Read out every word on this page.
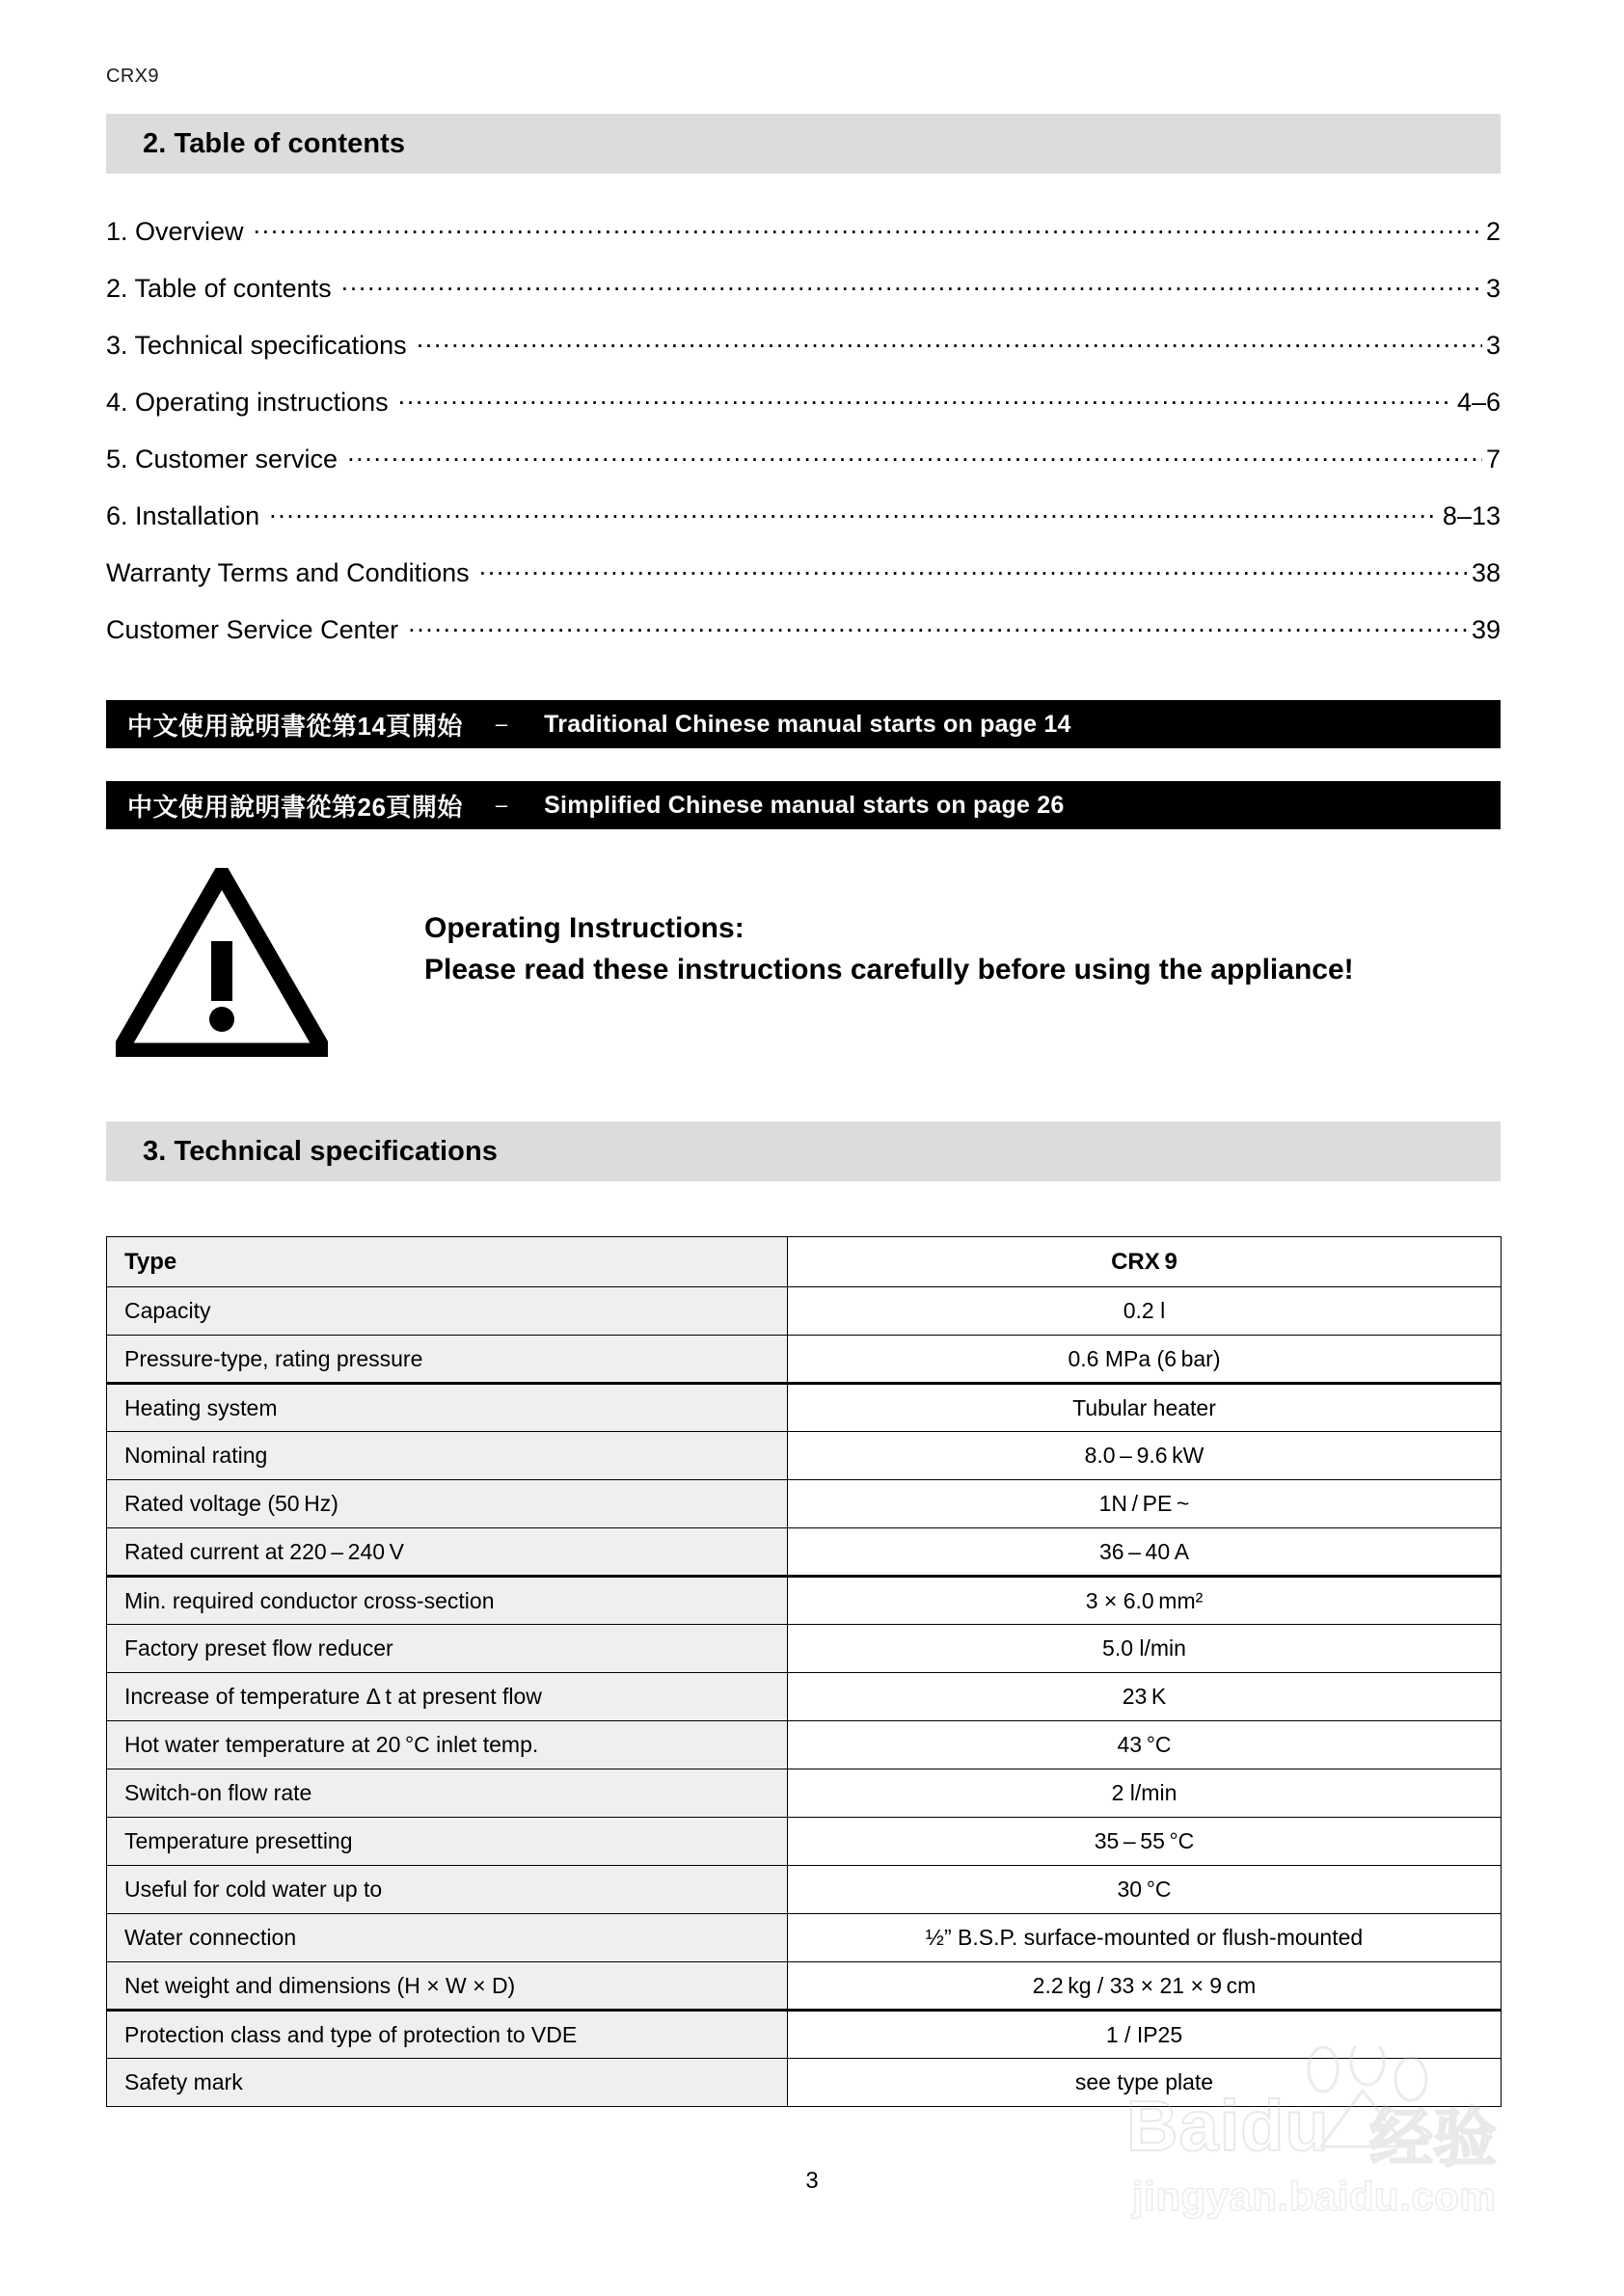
CRX9
2. Table of contents
1. Overview .....	2
2. Table of contents .....	3
3. Technical specifications .....	3
4. Operating instructions .....	4–6
5. Customer service .....	7
6. Installation .....	8–13
Warranty Terms and Conditions .....	38
Customer Service Center .....	39
中文使用說明書從第14頁開始	–	Traditional Chinese manual starts on page 14
中文使用說明書從第26頁開始	–	Simplified Chinese manual starts on page 26
Operating Instructions:
Please read these instructions carefully before using the appliance!
3. Technical specifications
Type	CRX 9
Capacity	0.2 l
Pressure-type, rating pressure	0.6 MPa (6 bar)
Heating system	Tubular heater
Nominal rating	8.0 – 9.6 kW
Rated voltage (50 Hz)	1N / PE ~
Rated current at 220 – 240 V	36 – 40 A
Min. required conductor cross-section	3 × 6.0 mm²
Factory preset flow reducer	5.0 l/min
Increase of temperature Δ t at present flow	23 K
Hot water temperature at 20 °C inlet temp.	43 °C
Switch-on flow rate	2 l/min
Temperature presetting	35 – 55 °C
Useful for cold water up to	30 °C
Water connection	½” B.S.P. surface-mounted or flush-mounted
Net weight and dimensions (H × W × D)	2.2 kg / 33 × 21 × 9 cm
Protection class and type of protection to VDE	1 / IP25
Safety mark	see type plate
Baidu 经验
jingyan.baidu.com
3
